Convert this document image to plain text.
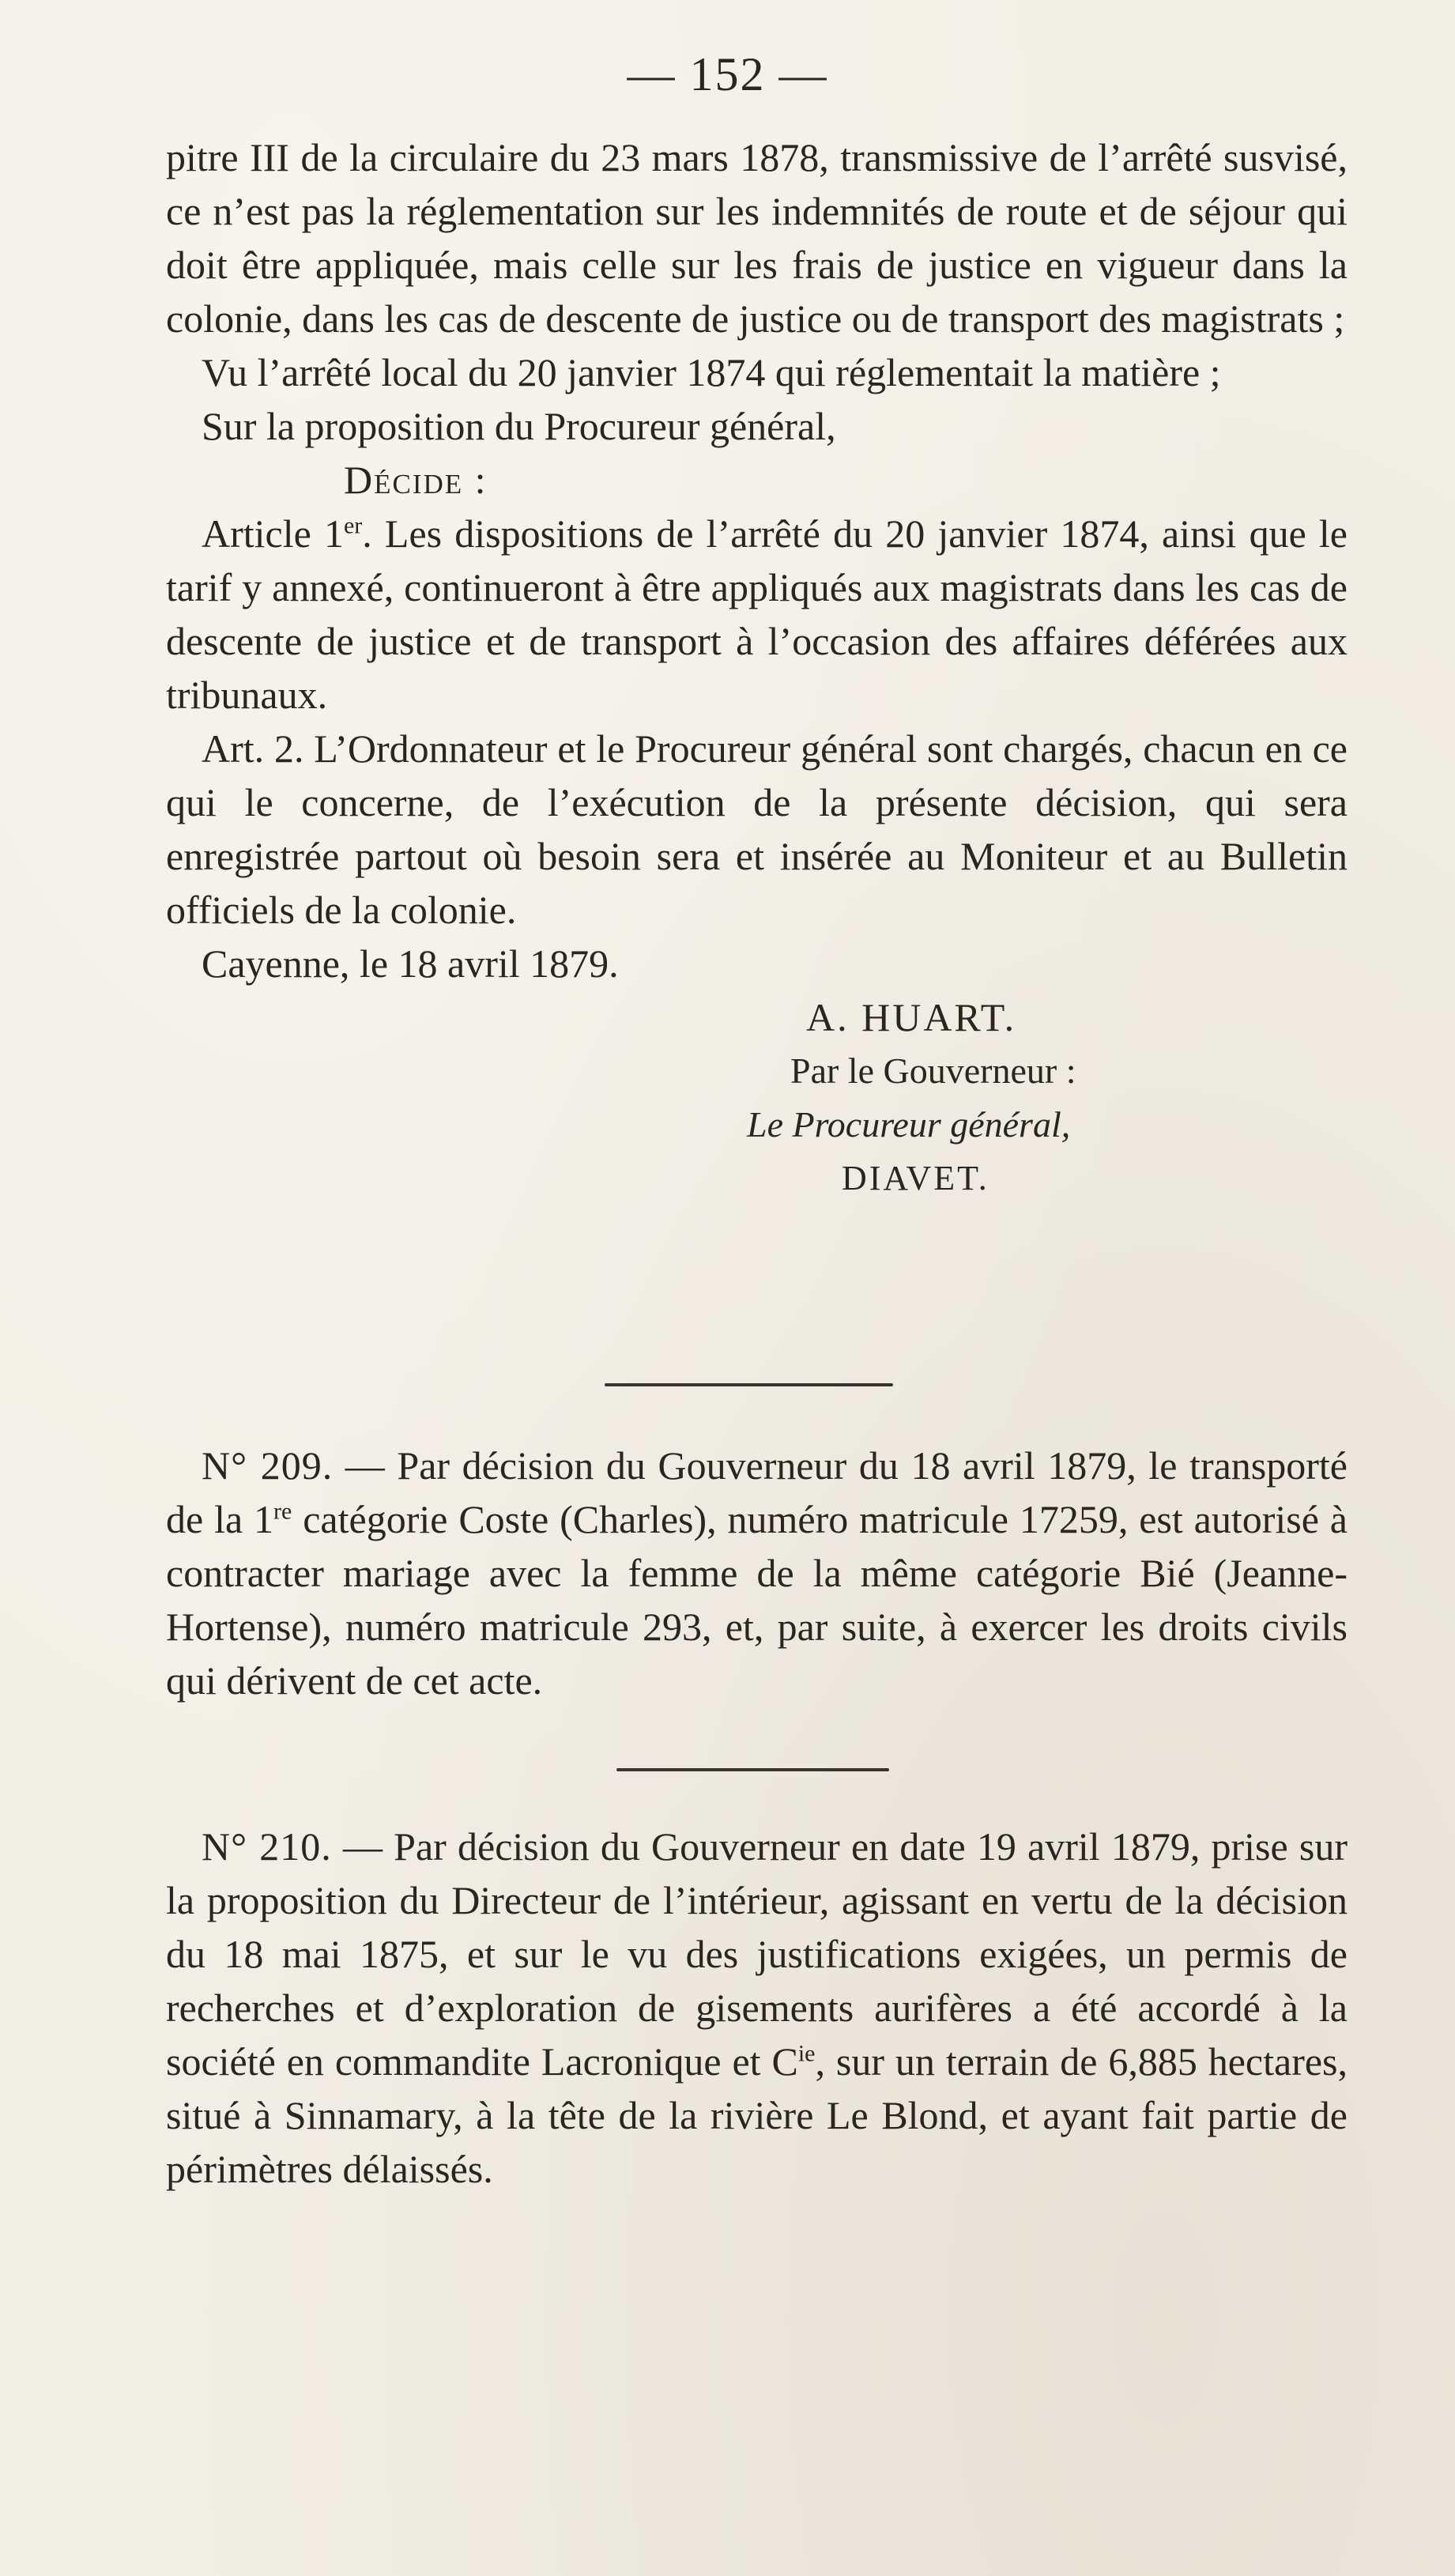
— 152 —

pitre III de la circulaire du 23 mars 1878, transmissive de l’arrêté susvisé, ce n’est pas la réglementation sur les indemnités de route et de séjour qui doit être appliquée, mais celle sur les frais de justice en vigueur dans la colonie, dans les cas de descente de justice ou de transport des magistrats ;

Vu l’arrêté local du 20 janvier 1874 qui réglementait la matière ;

Sur la proposition du Procureur général,

Décide :

Article 1er. Les dispositions de l’arrêté du 20 janvier 1874, ainsi que le tarif y annexé, continueront à être appliqués aux magistrats dans les cas de descente de justice et de transport à l’occasion des affaires déférées aux tribunaux.

Art. 2. L’Ordonnateur et le Procureur général sont chargés, chacun en ce qui le concerne, de l’exécution de la présente décision, qui sera enregistrée partout où besoin sera et insérée au Moniteur et au Bulletin officiels de la colonie.

Cayenne, le 18 avril 1879.

A. HUART.

Par le Gouverneur :

Le Procureur général,

DIAVET.

N° 209. — Par décision du Gouverneur du 18 avril 1879, le transporté de la 1re catégorie Coste (Charles), numéro matricule 17259, est autorisé à contracter mariage avec la femme de la même catégorie Bié (Jeanne-Hortense), numéro matricule 293, et, par suite, à exercer les droits civils qui dérivent de cet acte.

N° 210. — Par décision du Gouverneur en date 19 avril 1879, prise sur la proposition du Directeur de l’intérieur, agissant en vertu de la décision du 18 mai 1875, et sur le vu des justifications exigées, un permis de recherches et d’exploration de gisements aurifères a été accordé à la société en commandite Lacronique et $C^{ie}$, sur un terrain de 6,885 hectares, situé à Sinnamary, à la tête de la rivière Le Blond, et ayant fait partie de périmètres délaissés.
